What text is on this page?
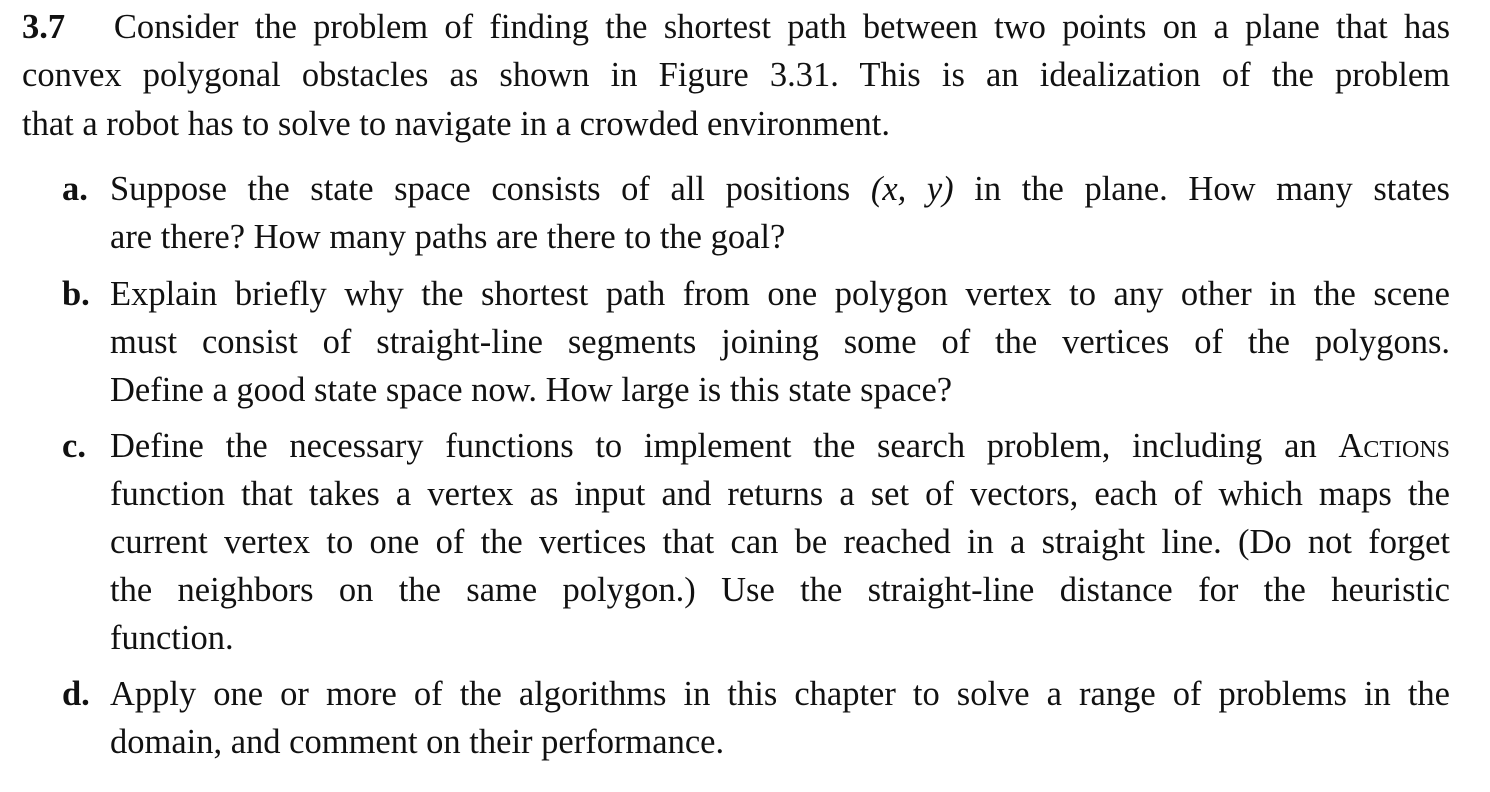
3.7 Consider the problem of finding the shortest path between two points on a plane that has
convex polygonal obstacles as shown in Figure 3.31. This is an idealization of the problem
that a robot has to solve to navigate in a crowded environment.
a. Suppose the state space consists of all positions (x, y) in the plane. How many states
are there? How many paths are there to the goal?
b. Explain briefly why the shortest path from one polygon vertex to any other in the scene
must consist of straight-line segments joining some of the vertices of the polygons.
Define a good state space now. How large is this state space?
c. Define the necessary functions to implement the search problem, including an Actions
function that takes a vertex as input and returns a set of vectors, each of which maps the
current vertex to one of the vertices that can be reached in a straight line. (Do not forget
the neighbors on the same polygon.) Use the straight-line distance for the heuristic
function.
d. Apply one or more of the algorithms in this chapter to solve a range of problems in the
domain, and comment on their performance.
